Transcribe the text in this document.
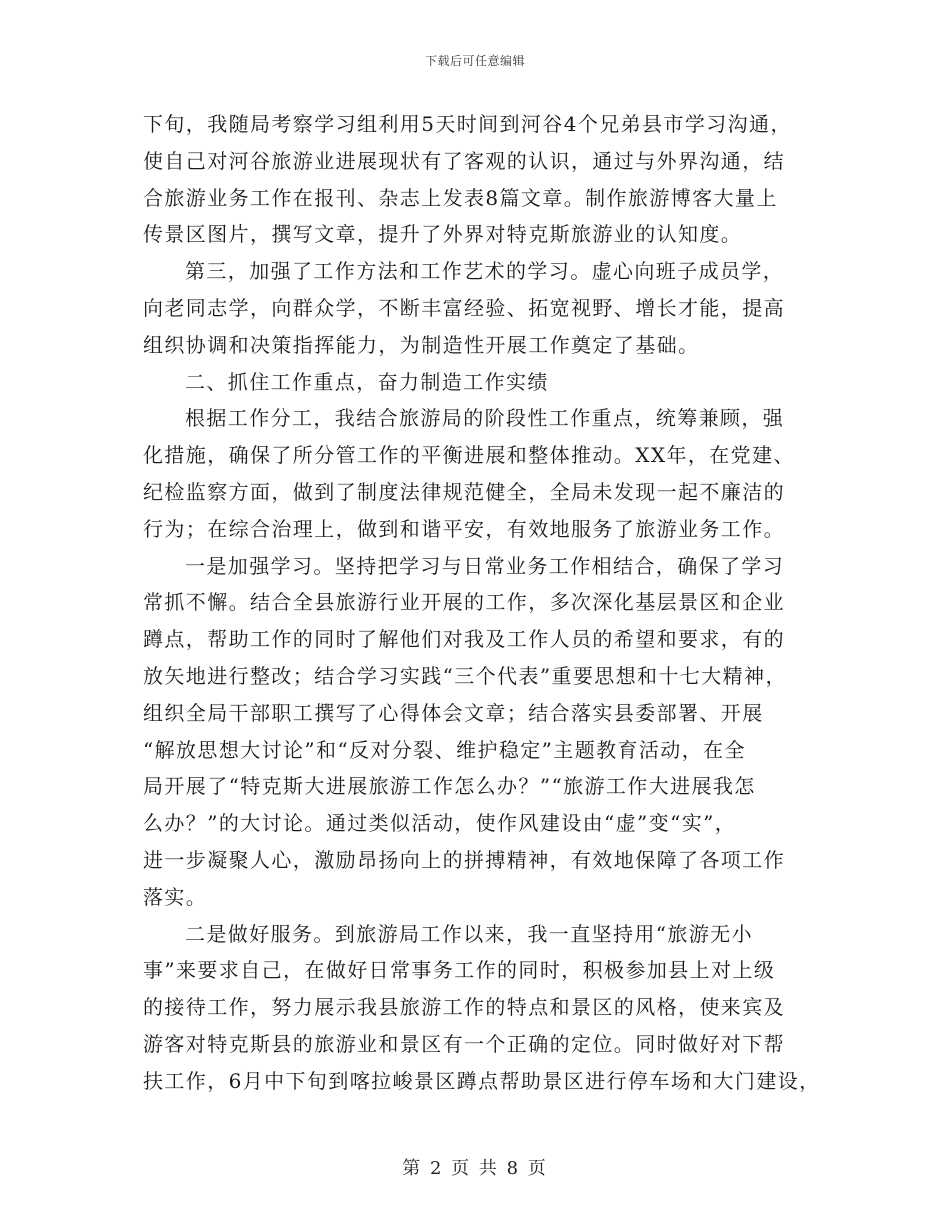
下载后可任意编辑
下旬，我随局考察学习组利用5天时间到河谷4个兄弟县市学习沟通，
使自己对河谷旅游业进展现状有了客观的认识，通过与外界沟通，结
合旅游业务工作在报刊、杂志上发表8篇文章。制作旅游博客大量上
传景区图片，撰写文章，提升了外界对特克斯旅游业的认知度。
第三，加强了工作方法和工作艺术的学习。虚心向班子成员学，
向老同志学，向群众学，不断丰富经验、拓宽视野、增长才能，提高
组织协调和决策指挥能力，为制造性开展工作奠定了基础。
二、抓住工作重点，奋力制造工作实绩
根据工作分工，我结合旅游局的阶段性工作重点，统筹兼顾，强
化措施，确保了所分管工作的平衡进展和整体推动。XX年，在党建、
纪检监察方面，做到了制度法律规范健全，全局未发现一起不廉洁的
行为；在综合治理上，做到和谐平安，有效地服务了旅游业务工作。
一是加强学习。坚持把学习与日常业务工作相结合，确保了学习
常抓不懈。结合全县旅游行业开展的工作，多次深化基层景区和企业
蹲点，帮助工作的同时了解他们对我及工作人员的希望和要求，有的
放矢地进行整改；结合学习实践“三个代表”重要思想和十七大精神，
组织全局干部职工撰写了心得体会文章；结合落实县委部署、开展
“解放思想大讨论”和“反对分裂、维护稳定”主题教育活动，在全
局开展了“特克斯大进展旅游工作怎么办？”“旅游工作大进展我怎
么办？”的大讨论。通过类似活动，使作风建设由“虚”变“实”，
进一步凝聚人心，激励昂扬向上的拼搏精神，有效地保障了各项工作
落实。
二是做好服务。到旅游局工作以来，我一直坚持用“旅游无小
事”来要求自己，在做好日常事务工作的同时，积极参加县上对上级
的接待工作，努力展示我县旅游工作的特点和景区的风格，使来宾及
游客对特克斯县的旅游业和景区有一个正确的定位。同时做好对下帮
扶工作，6月中下旬到喀拉峻景区蹲点帮助景区进行停车场和大门建设，
第 2 页 共 8 页
